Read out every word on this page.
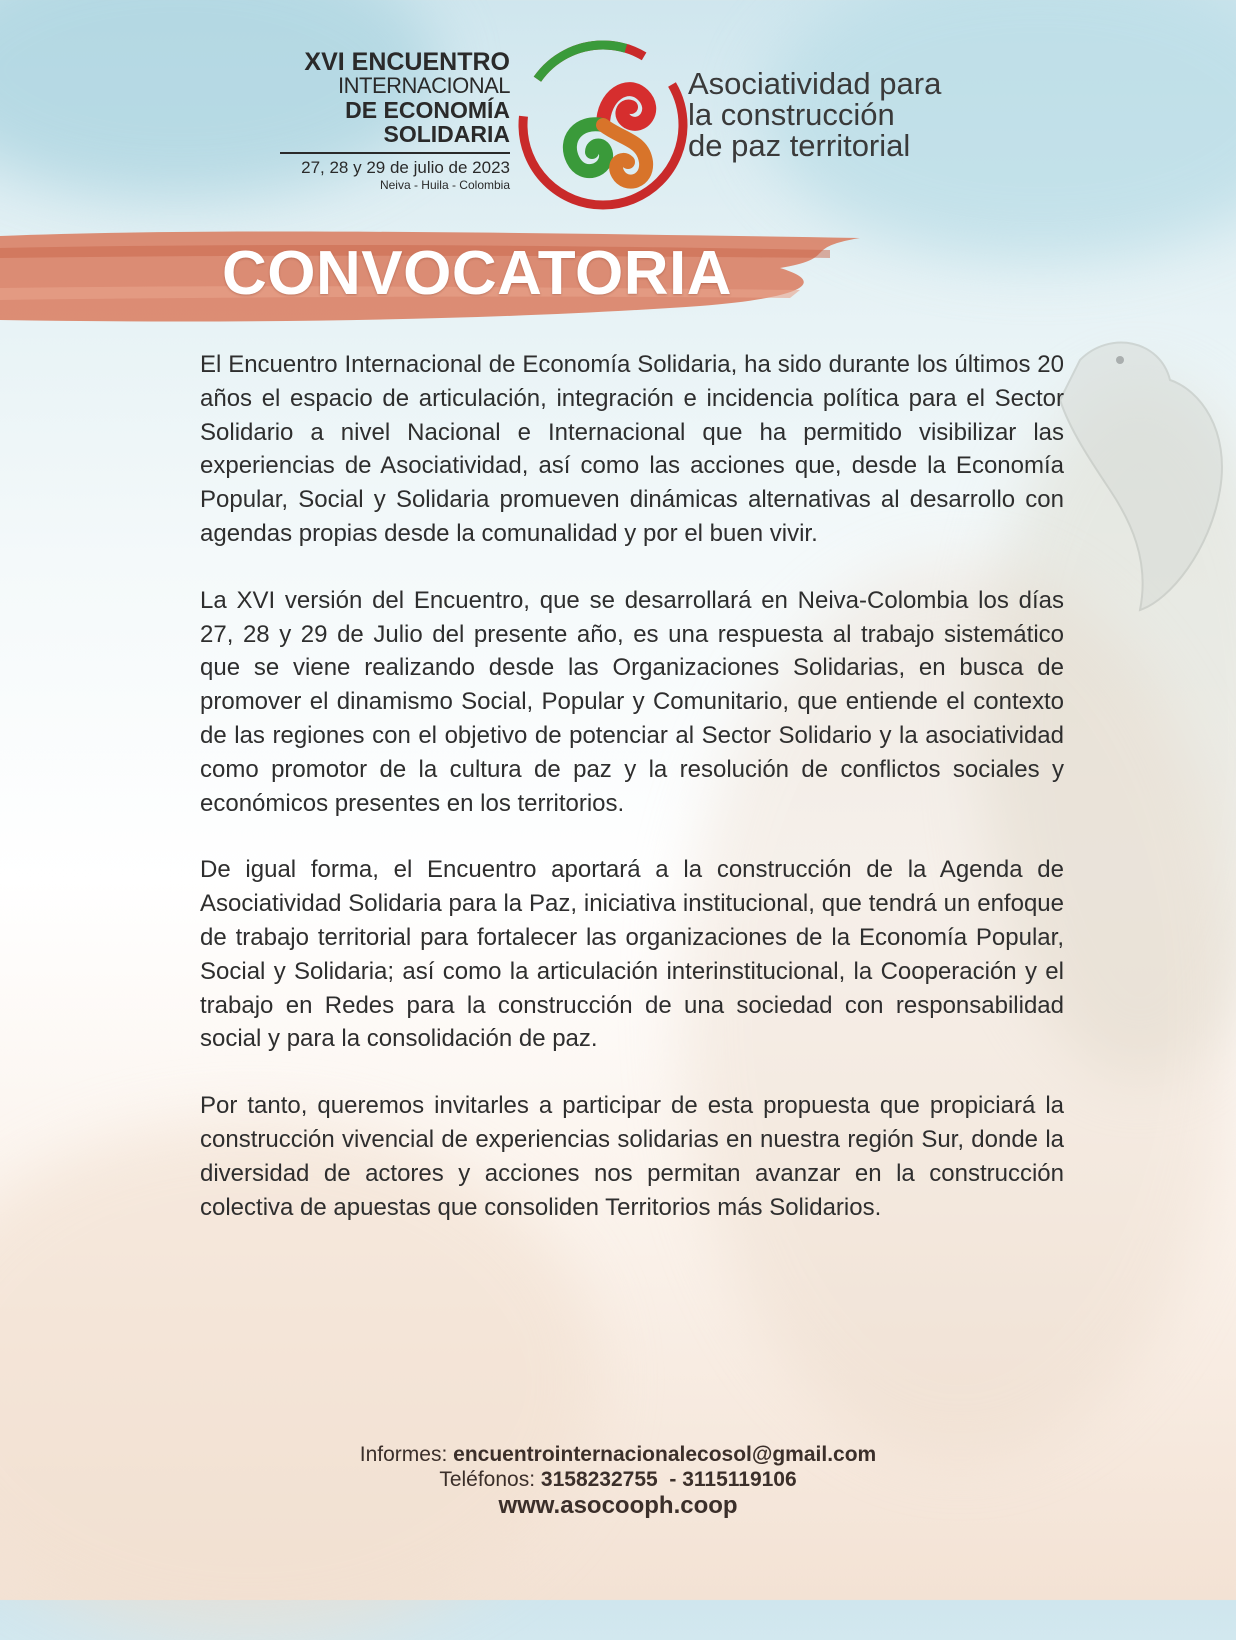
XVI ENCUENTRO
INTERNACIONAL
DE ECONOMÍA
SOLIDARIA
27, 28 y 29 de julio de 2023
Neiva - Huila - Colombia
Asociatividad para
la construcción
de paz territorial
CONVOCATORIA

El Encuentro Internacional de Economía Solidaria, ha sido durante los últimos 20 años el espacio de articulación, integración e incidencia política para el Sector Solidario a nivel Nacional e Internacional que ha permitido visibilizar las experiencias de Asociatividad, así como las acciones que, desde la Economía Popular, Social y Solidaria promueven dinámicas alternativas al desarrollo con agendas propias desde la comunalidad y por el buen vivir.

La XVI versión del Encuentro, que se desarrollará en Neiva-Colombia los días 27, 28 y 29 de Julio del presente año, es una respuesta al trabajo sistemático que se viene realizando desde las Organizaciones Solidarias, en busca de promover el dinamismo Social, Popular y Comunitario, que entiende el contexto de las regiones con el objetivo de potenciar al Sector Solidario y la asociatividad como promotor de la cultura de paz y la resolución de conflictos sociales y económicos presentes en los territorios.

De igual forma, el Encuentro aportará a la construcción de la Agenda de Asociatividad Solidaria para la Paz, iniciativa institucional, que tendrá un enfoque de trabajo territorial para fortalecer las organizaciones de la Economía Popular, Social y Solidaria; así como la articulación interinstitucional, la Cooperación y el trabajo en Redes para la construcción de una sociedad con responsabilidad social y para la consolidación de paz.

Por tanto, queremos invitarles a participar de esta propuesta que propiciará la construcción vivencial de experiencias solidarias en nuestra región Sur, donde la diversidad de actores y acciones nos permitan avanzar en la construcción colectiva de apuestas que consoliden Territorios más Solidarios.

Informes: encuentrointernacionalecosol@gmail.com
Teléfonos: 3158232755  - 3115119106
www.asocooph.coop
